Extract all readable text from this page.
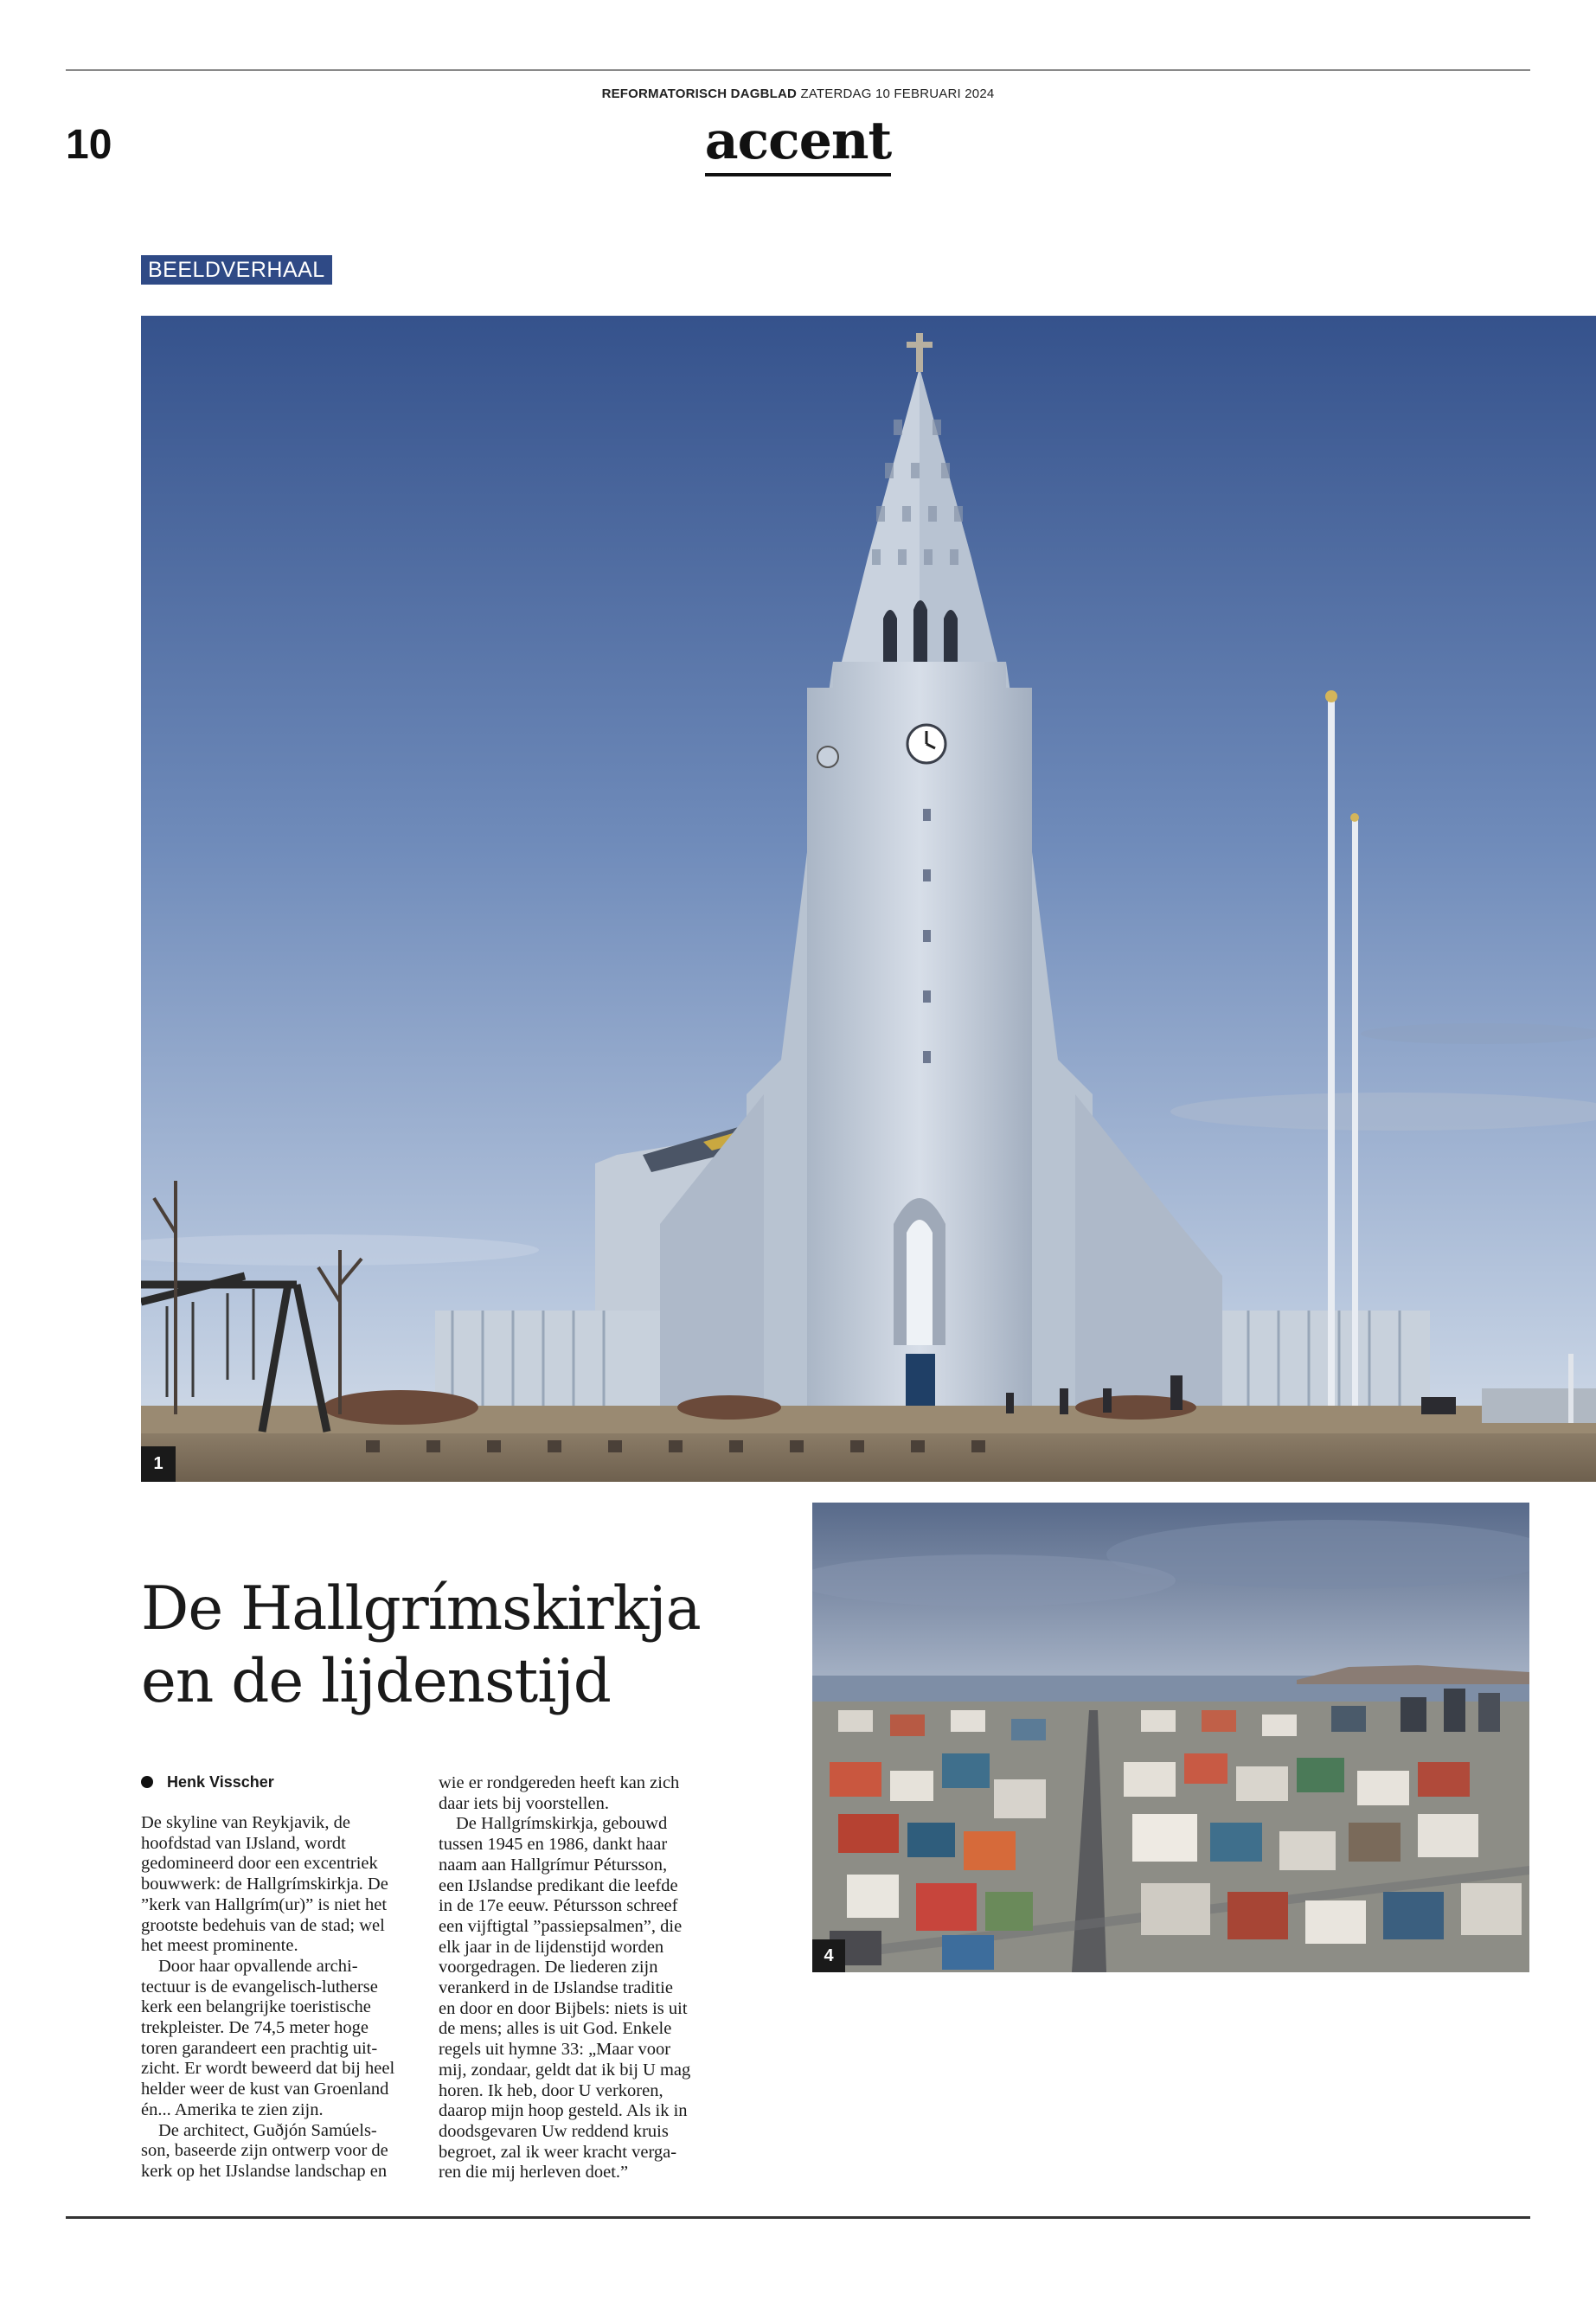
REFORMATORISCH DAGBLAD ZATERDAG 10 FEBRUARI 2024
10	accent
BEELDVERHAAL
1
4
De Hallgrímskirkja
en de lijdenstijd
Henk Visscher
De skyline van Reykjavik, de
hoofdstad van IJsland, wordt
gedomineerd door een excentriek
bouwwerk: de Hallgrímskirkja. De
”kerk van Hallgrím(ur)” is niet het
grootste bedehuis van de stad; wel
het meest prominente.
Door haar opvallende archi-
tectuur is de evangelisch-lutherse
kerk een belangrijke toeristische
trekpleister. De 74,5 meter hoge
toren garandeert een prachtig uit-
zicht. Er wordt beweerd dat bij heel
helder weer de kust van Groenland
én... Amerika te zien zijn.
De architect, Guðjón Samúels-
son, baseerde zijn ontwerp voor de
kerk op het IJslandse landschap en
wie er rondgereden heeft kan zich
daar iets bij voorstellen.
De Hallgrímskirkja, gebouwd
tussen 1945 en 1986, dankt haar
naam aan Hallgrímur Pétursson,
een IJslandse predikant die leefde
in de 17e eeuw. Pétursson schreef
een vijftigtal ”passiepsalmen”, die
elk jaar in de lijdenstijd worden
voorgedragen. De liederen zijn
verankerd in de IJslandse traditie
en door en door Bijbels: niets is uit
de mens; alles is uit God. Enkele
regels uit hymne 33: „Maar voor
mij, zondaar, geldt dat ik bij U mag
horen. Ik heb, door U verkoren,
daarop mijn hoop gesteld. Als ik in
doodsgevaren Uw reddend kruis
begroet, zal ik weer kracht verga-
ren die mij herleven doet.”
